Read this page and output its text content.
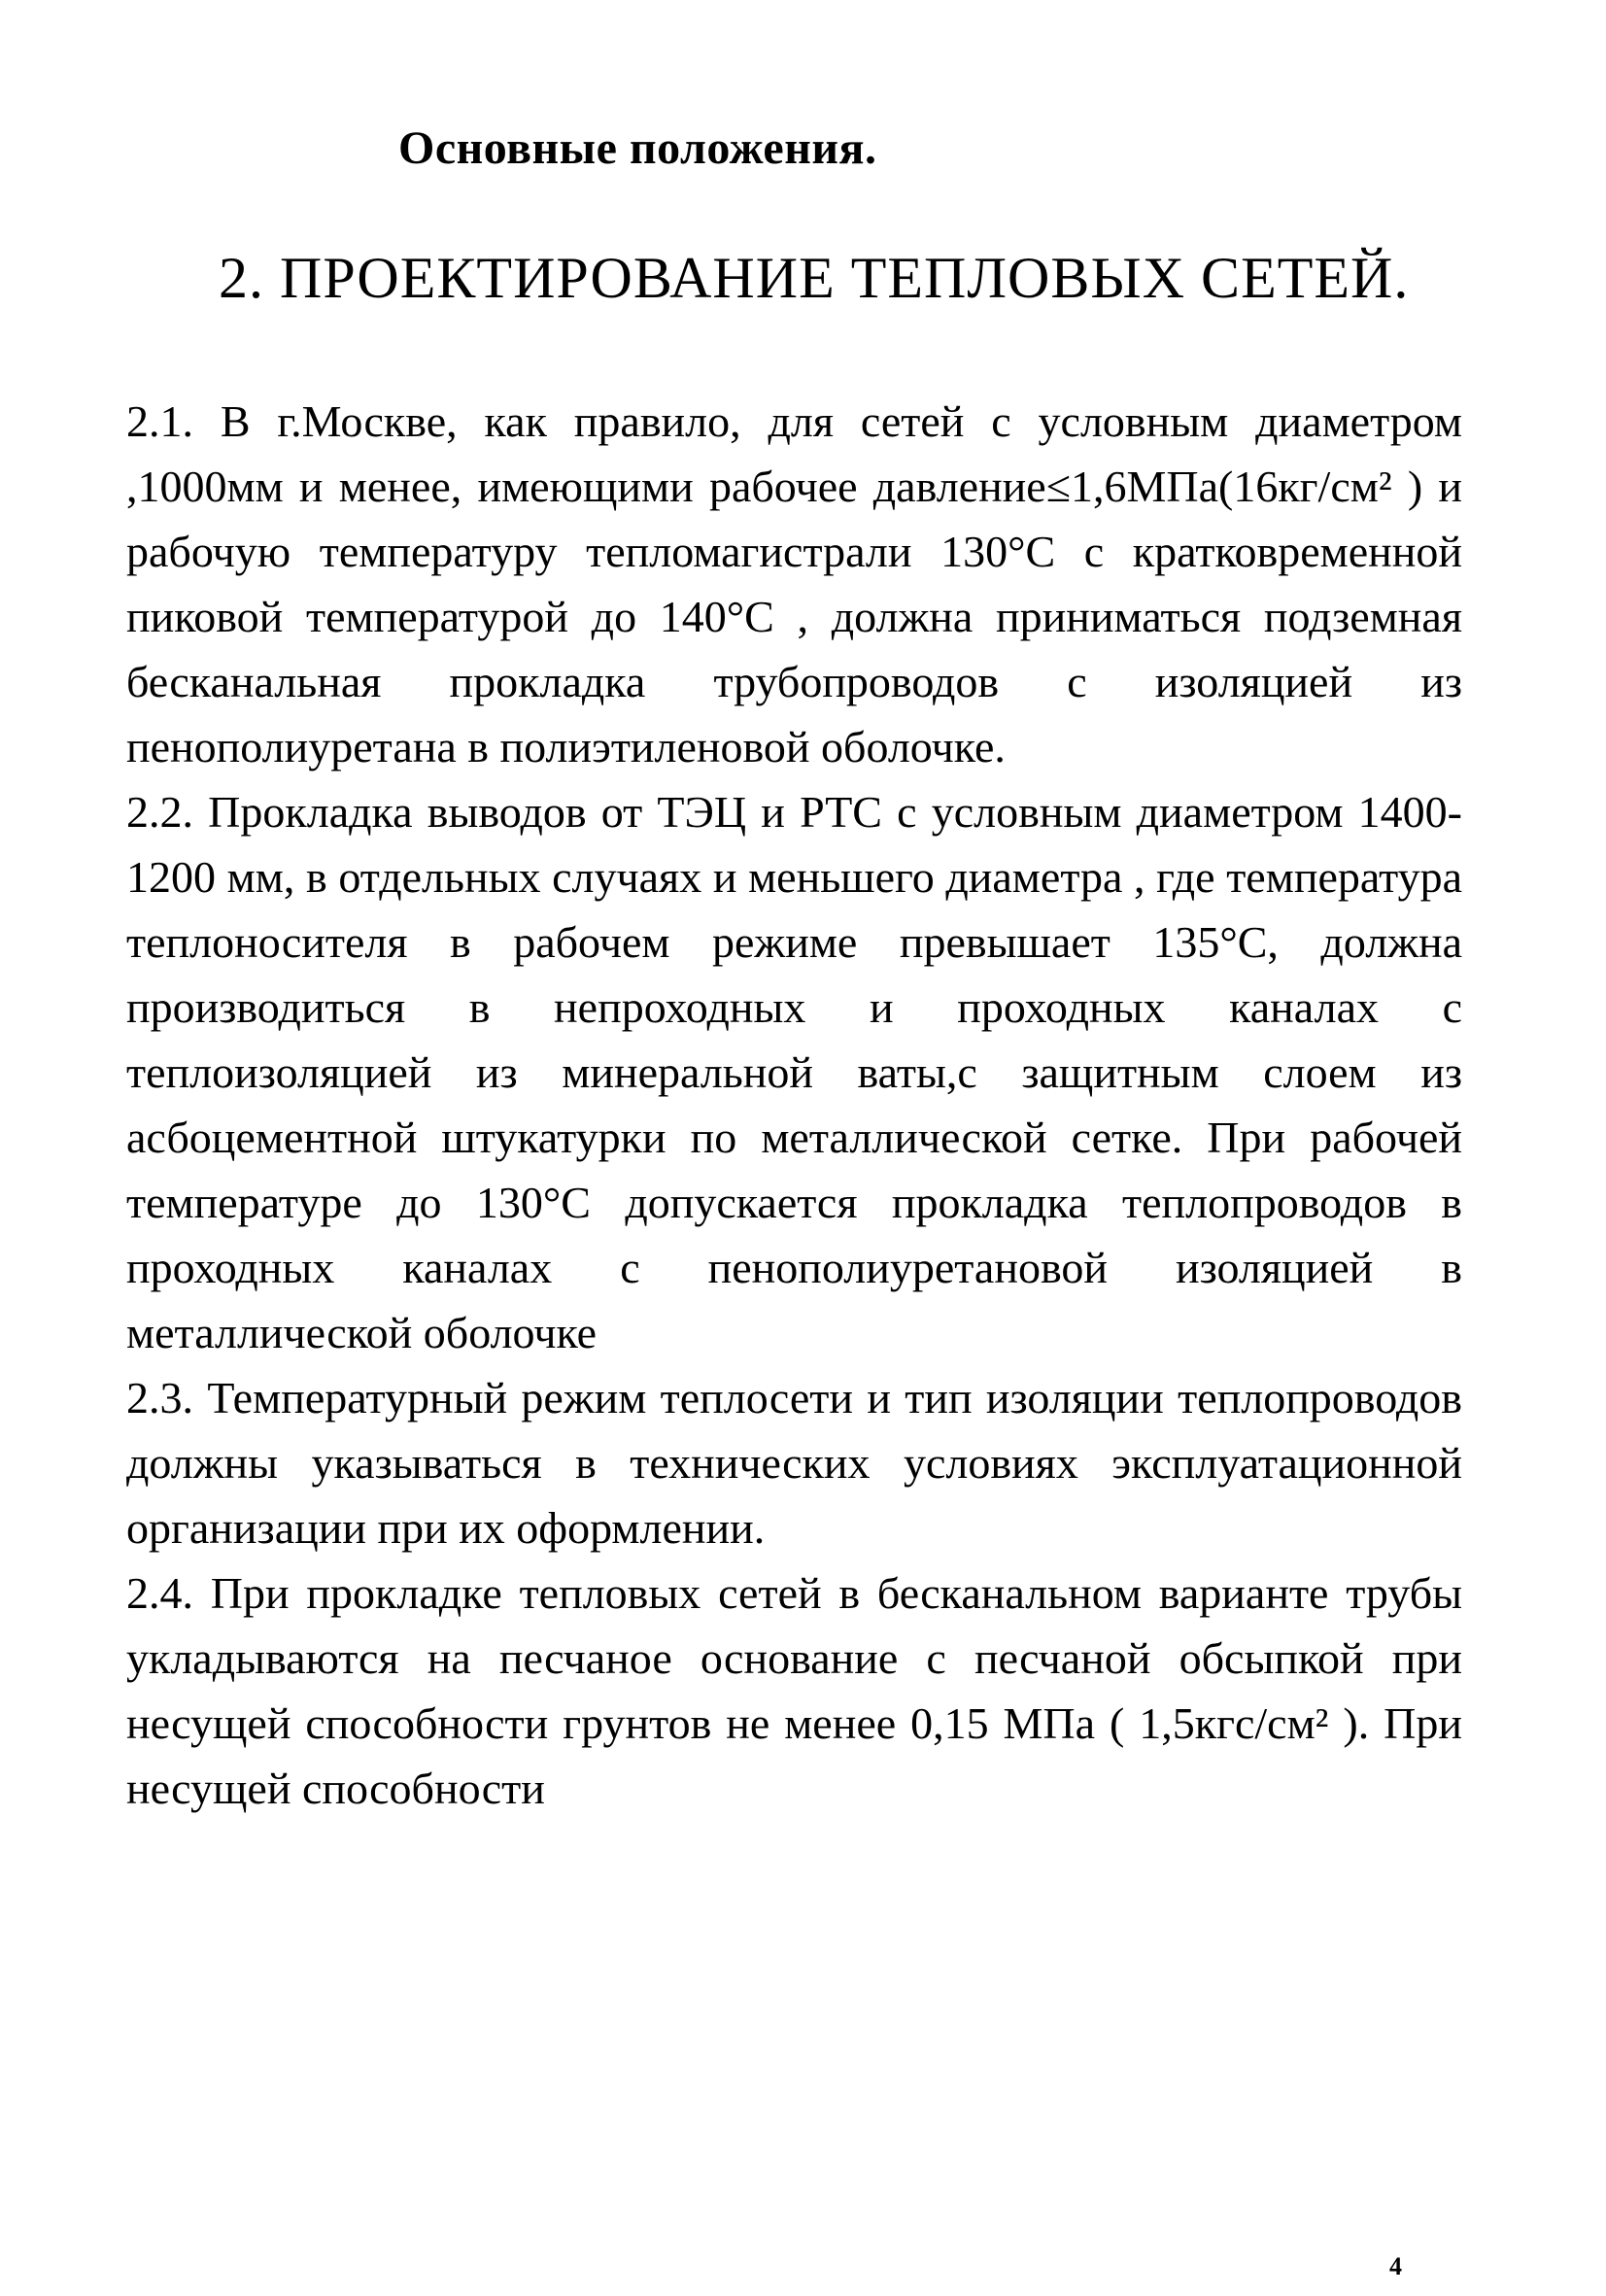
Основные положения.
2. ПРОЕКТИРОВАНИЕ ТЕПЛОВЫХ СЕТЕЙ.

2.1. В г.Москве, как правило, для сетей с условным диаметром ,1000мм и менее, имеющими рабочее давление≤1,6МПа(16кг/см² ) и рабочую температуру тепломагистрали 130°С с кратковременной пиковой температурой до 140°С , должна приниматься подземная бесканальная прокладка трубопроводов с изоляцией из пенополиуретана в полиэтиленовой оболочке.

2.2. Прокладка выводов от ТЭЦ и РТС с условным диаметром 1400-1200 мм, в отдельных случаях и меньшего диаметра , где температура теплоносителя в рабочем режиме превышает 135°С, должна производиться в непроходных и проходных каналах с теплоизоляцией из минеральной ваты,с защитным слоем из асбоцементной штукатурки по металлической сетке. При рабочей температуре до 130°С допускается прокладка теплопроводов в проходных каналах с пенополиуретановой изоляцией в металлической оболочке

2.3. Температурный режим теплосети и тип изоляции теплопроводов должны указываться в технических условиях эксплуатационной организации при их оформлении.

2.4. При прокладке тепловых сетей в бесканальном варианте трубы укладываются на песчаное основание с песчаной обсыпкой при несущей способности грунтов не менее 0,15 МПа ( 1,5кгс/см² ). При несущей способности

4
